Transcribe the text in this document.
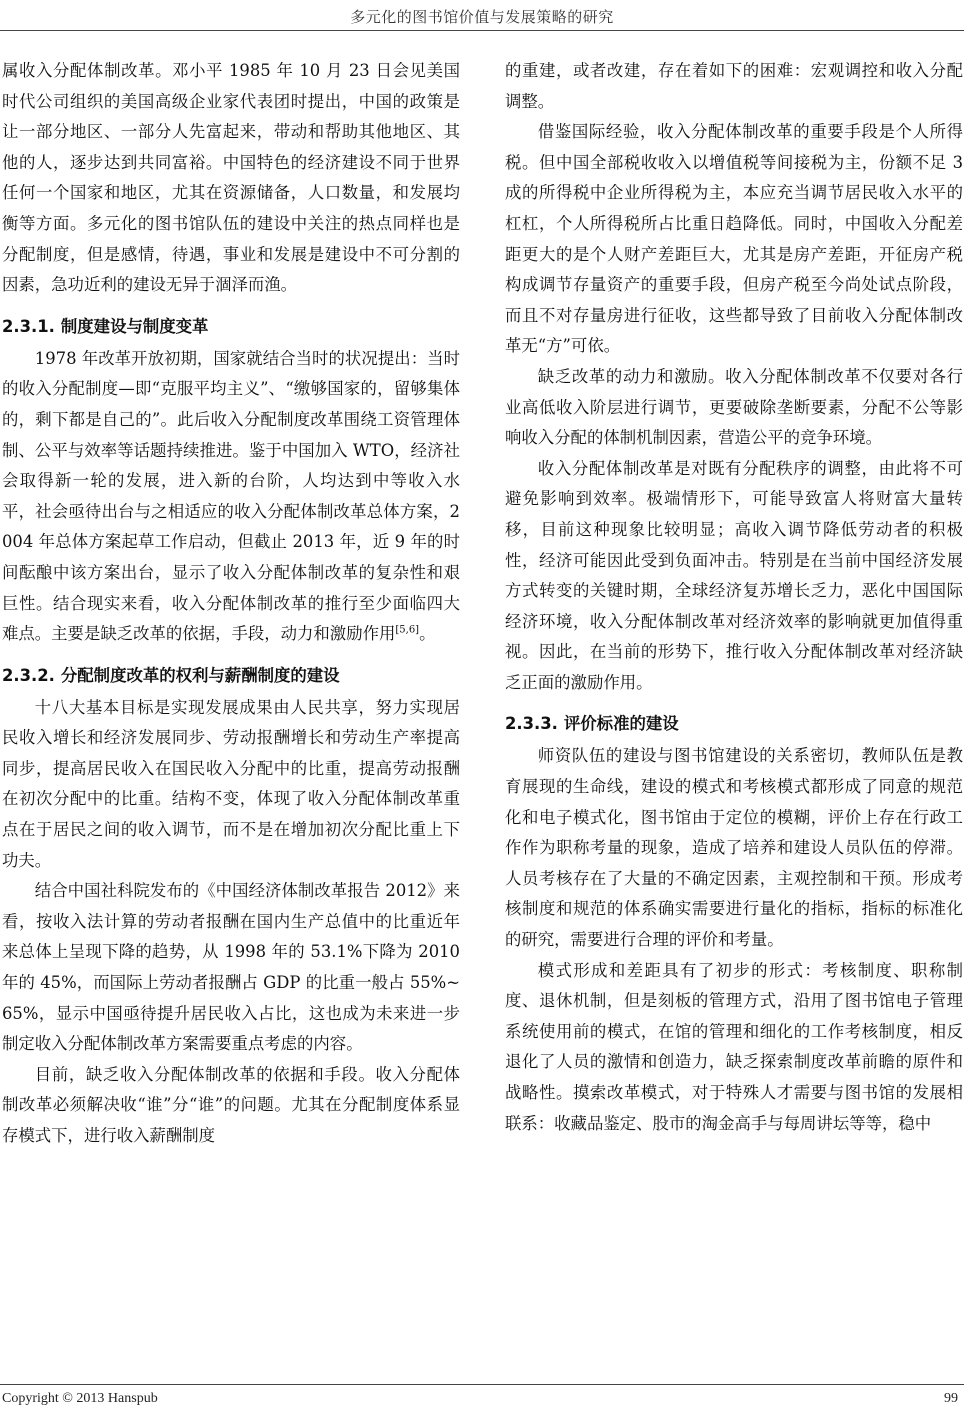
多元化的图书馆价值与发展策略的研究

属收入分配体制改革。邓小平 1985 年 10 月 23 日会见美国时代公司组织的美国高级企业家代表团时提出，中国的政策是让一部分地区、一部分人先富起来，带动和帮助其他地区、其他的人，逐步达到共同富裕。中国特色的经济建设不同于世界任何一个国家和地区，尤其在资源储备，人口数量，和发展均衡等方面。多元化的图书馆队伍的建设中关注的热点同样也是分配制度，但是感情，待遇，事业和发展是建设中不可分割的因素，急功近利的建设无异于涸泽而渔。

2.3.1. 制度建设与制度变革

1978 年改革开放初期，国家就结合当时的状况提出：当时的收入分配制度—即“克服平均主义”、“缴够国家的，留够集体的，剩下都是自己的”。此后收入分配制度改革围绕工资管理体制、公平与效率等话题持续推进。鉴于中国加入 WTO，经济社会取得新一轮的发展，进入新的台阶，人均达到中等收入水平，社会亟待出台与之相适应的收入分配体制改革总体方案，2004 年总体方案起草工作启动，但截止 2013 年，近 9 年的时间酝酿中该方案出台，显示了收入分配体制改革的复杂性和艰巨性。结合现实来看，收入分配体制改革的推行至少面临四大难点。主要是缺乏改革的依据，手段，动力和激励作用[5,6]。

2.3.2. 分配制度改革的权利与薪酬制度的建设

十八大基本目标是实现发展成果由人民共享，努力实现居民收入增长和经济发展同步、劳动报酬增长和劳动生产率提高同步，提高居民收入在国民收入分配中的比重，提高劳动报酬在初次分配中的比重。结构不变，体现了收入分配体制改革重点在于居民之间的收入调节，而不是在增加初次分配比重上下功夫。

结合中国社科院发布的《中国经济体制改革报告 2012》来看，按收入法计算的劳动者报酬在国内生产总值中的比重近年来总体上呈现下降的趋势，从 1998 年的 53.1%下降为 2010 年的 45%，而国际上劳动者报酬占 GDP 的比重一般占 55%~65%，显示中国亟待提升居民收入占比，这也成为未来进一步制定收入分配体制改革方案需要重点考虑的内容。

目前，缺乏收入分配体制改革的依据和手段。收入分配体制改革必须解决收“谁”分“谁”的问题。尤其在分配制度体系显存模式下，进行收入薪酬制度

的重建，或者改建，存在着如下的困难：宏观调控和收入分配调整。

借鉴国际经验，收入分配体制改革的重要手段是个人所得税。但中国全部税收收入以增值税等间接税为主，份额不足 3 成的所得税中企业所得税为主，本应充当调节居民收入水平的杠杠，个人所得税所占比重日趋降低。同时，中国收入分配差距更大的是个人财产差距巨大，尤其是房产差距，开征房产税构成调节存量资产的重要手段，但房产税至今尚处试点阶段，而且不对存量房进行征收，这些都导致了目前收入分配体制改革无“方”可依。

缺乏改革的动力和激励。收入分配体制改革不仅要对各行业高低收入阶层进行调节，更要破除垄断要素，分配不公等影响收入分配的体制机制因素，营造公平的竞争环境。

收入分配体制改革是对既有分配秩序的调整，由此将不可避免影响到效率。极端情形下，可能导致富人将财富大量转移，目前这种现象比较明显；高收入调节降低劳动者的积极性，经济可能因此受到负面冲击。特别是在当前中国经济发展方式转变的关键时期，全球经济复苏增长乏力，恶化中国国际经济环境，收入分配体制改革对经济效率的影响就更加值得重视。因此，在当前的形势下，推行收入分配体制改革对经济缺乏正面的激励作用。

2.3.3. 评价标准的建设

师资队伍的建设与图书馆建设的关系密切，教师队伍是教育展现的生命线，建设的模式和考核模式都形成了同意的规范化和电子模式化，图书馆由于定位的模糊，评价上存在行政工作作为职称考量的现象，造成了培养和建设人员队伍的停滞。人员考核存在了大量的不确定因素，主观控制和干预。形成考核制度和规范的体系确实需要进行量化的指标，指标的标准化的研究，需要进行合理的评价和考量。

模式形成和差距具有了初步的形式：考核制度、职称制度、退休机制，但是刻板的管理方式，沿用了图书馆电子管理系统使用前的模式，在馆的管理和细化的工作考核制度，相反退化了人员的激情和创造力，缺乏探索制度改革前瞻的原件和战略性。摸索改革模式，对于特殊人才需要与图书馆的发展相联系：收藏品鉴定、股市的淘金高手与每周讲坛等等，稳中

Copyright © 2013 Hanspub	99
